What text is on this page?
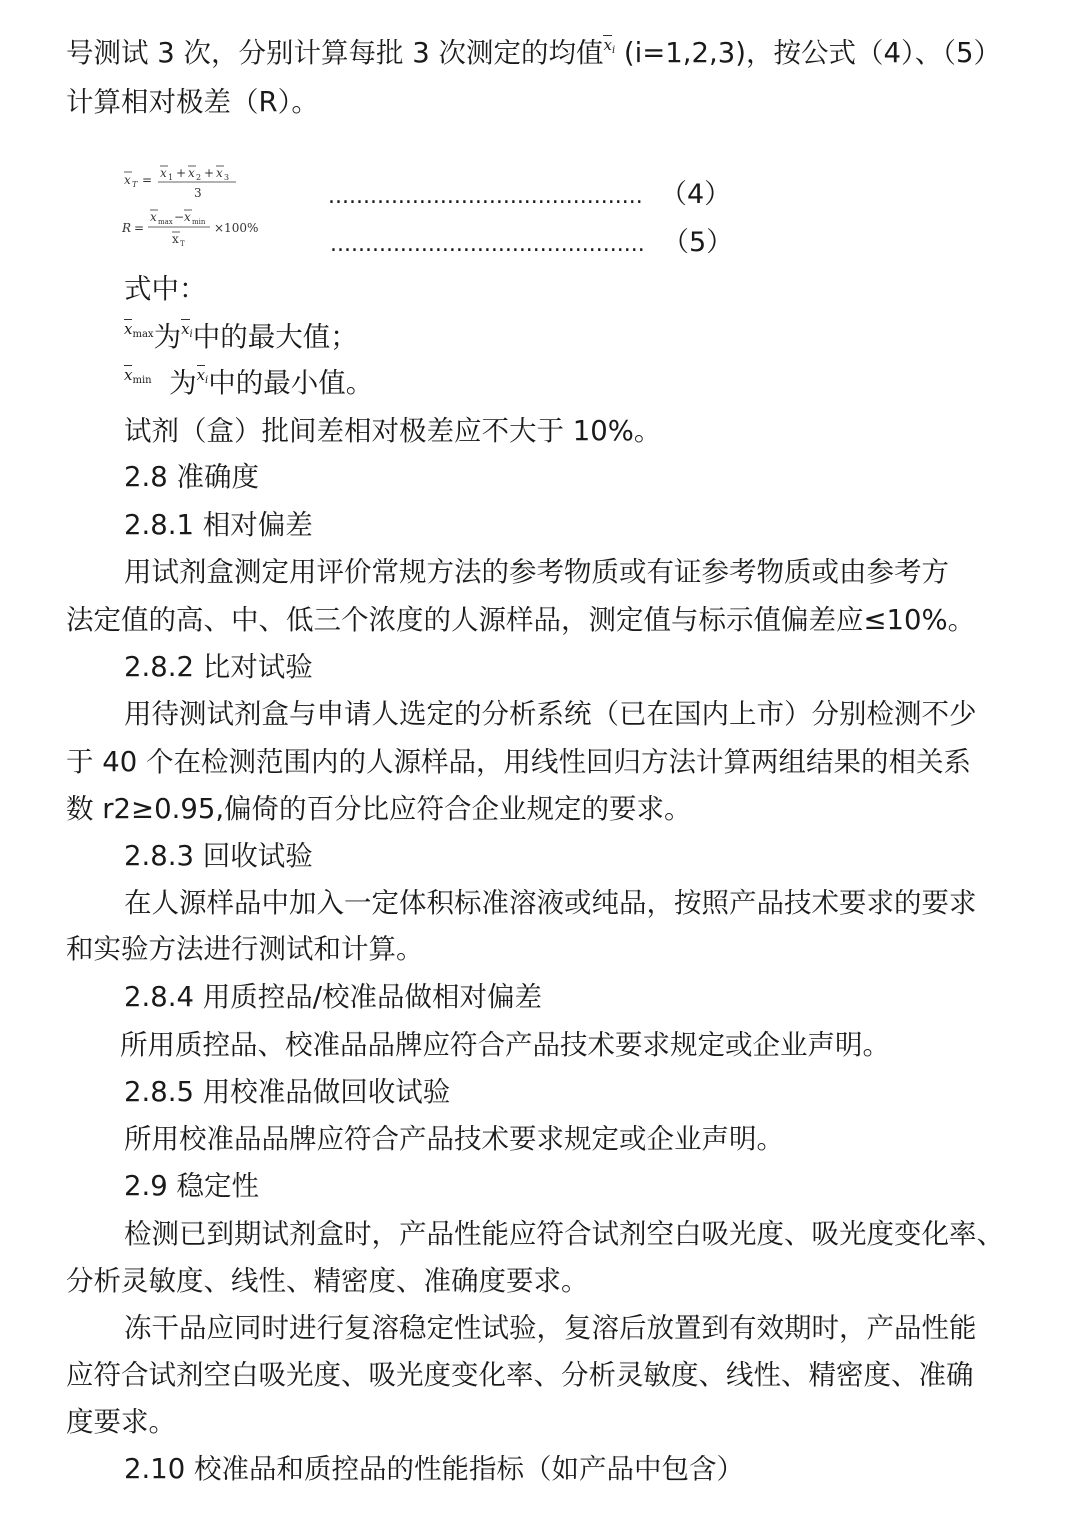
号测试 3 次，分别计算每批 3 次测定的均值$x_i$ (i=1,2,3)，按公式（4）、（5）
计算相对极差（R）。
x T = x 1 + x 2 + x 3
3
R =
x max − x min
x T
×100%
............................................. （4）
............................................. （5）
式中：
$x_{max}$为$x_i$中的最大值；
$x_{min}$ 为$x_i$中的最小值。
试剂（盒）批间差相对极差应不大于 10%。
2.8 准确度
2.8.1 相对偏差
用试剂盒测定用评价常规方法的参考物质或有证参考物质或由参考方
法定值的高、中、低三个浓度的人源样品，测定值与标示值偏差应≤10%。
2.8.2 比对试验
用待测试剂盒与申请人选定的分析系统（已在国内上市）分别检测不少
于 40 个在检测范围内的人源样品，用线性回归方法计算两组结果的相关系
数 r2≥0.95,偏倚的百分比应符合企业规定的要求。
2.8.3 回收试验
在人源样品中加入一定体积标准溶液或纯品，按照产品技术要求的要求
和实验方法进行测试和计算。
2.8.4 用质控品/校准品做相对偏差
所用质控品、校准品品牌应符合产品技术要求规定或企业声明。
2.8.5 用校准品做回收试验
所用校准品品牌应符合产品技术要求规定或企业声明。
2.9 稳定性
检测已到期试剂盒时，产品性能应符合试剂空白吸光度、吸光度变化率、
分析灵敏度、线性、精密度、准确度要求。
冻干品应同时进行复溶稳定性试验，复溶后放置到有效期时，产品性能
应符合试剂空白吸光度、吸光度变化率、分析灵敏度、线性、精密度、准确
度要求。
2.10 校准品和质控品的性能指标（如产品中包含）
